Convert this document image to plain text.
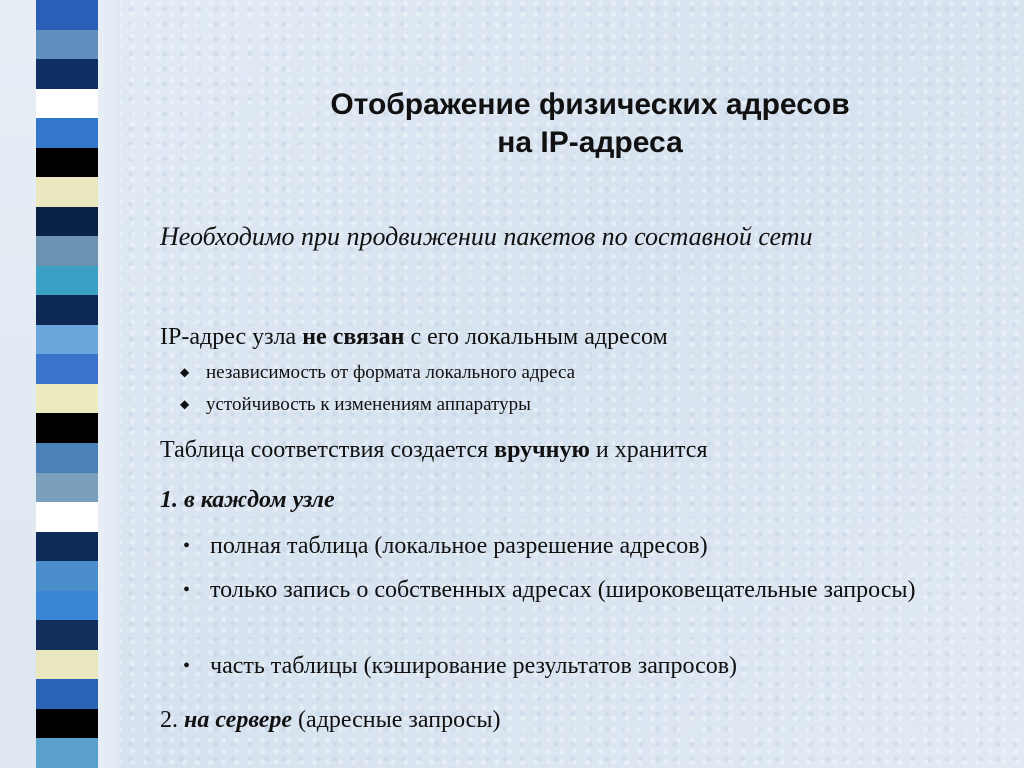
Отображение физических адресов
на IP-адреса
Необходимо при продвижении пакетов по составной сети
IP-адрес узла не связан с его локальным адресом
◆ независимость от формата локального адреса
◆ устойчивость к изменениям аппаратуры
Таблица соответствия создается вручную и хранится
1. в каждом узле
• полная таблица (локальное разрешение адресов)
• только запись о собственных адресах (широковещательные запросы)
• часть таблицы (кэширование результатов запросов)
2. на сервере (адресные запросы)
